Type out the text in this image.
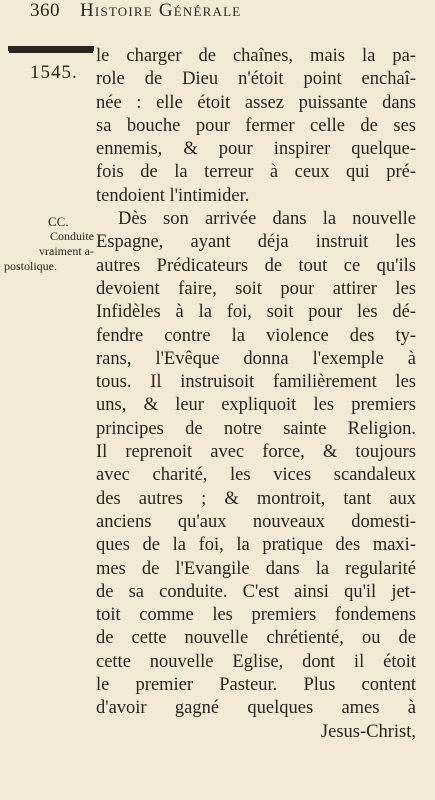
360 Histoire Générale
1545.
CC.
Conduite
vraiment a-
postolique.
le charger de chaînes, mais la pa-
role de Dieu n'étoit point enchaî-
née : elle étoit assez puissante dans
sa bouche pour fermer celle de ses
ennemis, & pour inspirer quelque-
fois de la terreur à ceux qui pré-
tendoient l'intimider.
Dès son arrivée dans la nouvelle
Espagne, ayant déja instruit les
autres Prédicateurs de tout ce qu'ils
devoient faire, soit pour attirer les
Infidèles à la foi, soit pour les dé-
fendre contre la violence des ty-
rans, l'Evêque donna l'exemple à
tous. Il instruisoit familièrement les
uns, & leur expliquoit les premiers
principes de notre sainte Religion.
Il reprenoit avec force, & toujours
avec charité, les vices scandaleux
des autres ; & montroit, tant aux
anciens qu'aux nouveaux domesti-
ques de la foi, la pratique des maxi-
mes de l'Evangile dans la regularité
de sa conduite. C'est ainsi qu'il jet-
toit comme les premiers fondemens
de cette nouvelle chrétienté, ou de
cette nouvelle Eglise, dont il étoit
le premier Pasteur. Plus content
d'avoir gagné quelques ames à
Jesus-Christ,
